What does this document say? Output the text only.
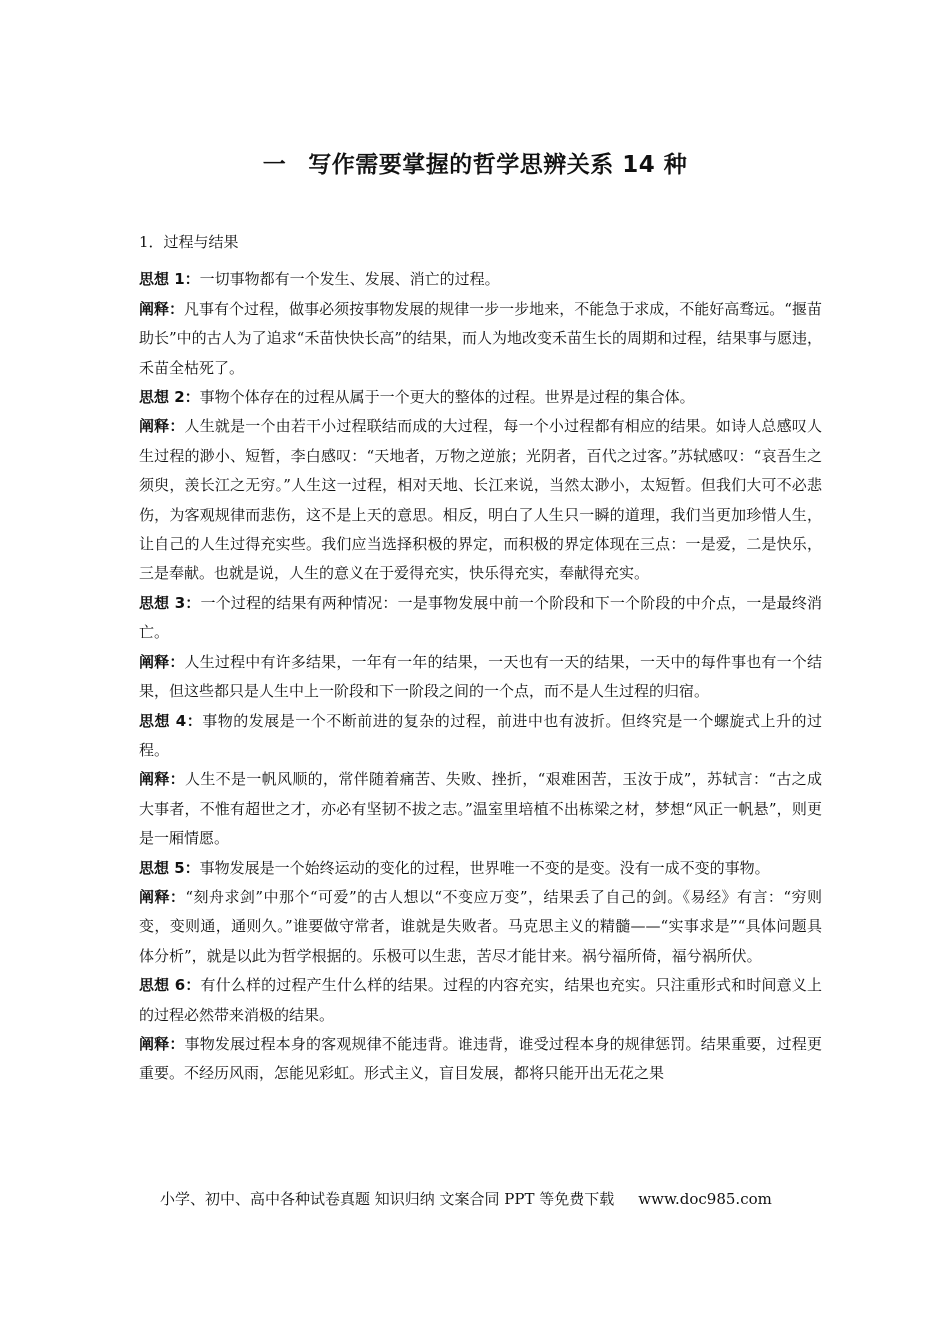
一 写作需要掌握的哲学思辨关系 14 种
1．过程与结果

思想 1：一切事物都有一个发生、发展、消亡的过程。

阐释：凡事有个过程，做事必须按事物发展的规律一步一步地来，不能急于求成，不能好高骛远。“揠苗助长”中的古人为了追求“禾苗快快长高”的结果，而人为地改变禾苗生长的周期和过程，结果事与愿违，禾苗全枯死了。

思想 2：事物个体存在的过程从属于一个更大的整体的过程。世界是过程的集合体。

阐释：人生就是一个由若干小过程联结而成的大过程，每一个小过程都有相应的结果。如诗人总感叹人生过程的渺小、短暂，李白感叹：“天地者，万物之逆旅；光阴者，百代之过客。”苏轼感叹：“哀吾生之须臾，羡长江之无穷。”人生这一过程，相对天地、长江来说，当然太渺小，太短暂。但我们大可不必悲伤，为客观规律而悲伤，这不是上天的意思。相反，明白了人生只一瞬的道理，我们当更加珍惜人生，让自己的人生过得充实些。我们应当选择积极的界定，而积极的界定体现在三点：一是爱，二是快乐，三是奉献。也就是说，人生的意义在于爱得充实，快乐得充实，奉献得充实。

思想 3：一个过程的结果有两种情况：一是事物发展中前一个阶段和下一个阶段的中介点，一是最终消亡。

阐释：人生过程中有许多结果，一年有一年的结果，一天也有一天的结果，一天中的每件事也有一个结果，但这些都只是人生中上一阶段和下一阶段之间的一个点，而不是人生过程的归宿。

思想 4：事物的发展是一个不断前进的复杂的过程，前进中也有波折。但终究是一个螺旋式上升的过程。

阐释：人生不是一帆风顺的，常伴随着痛苦、失败、挫折，“艰难困苦，玉汝于成”，苏轼言：“古之成大事者，不惟有超世之才，亦必有坚韧不拔之志。”温室里培植不出栋梁之材，梦想“风正一帆悬”，则更是一厢情愿。

思想 5：事物发展是一个始终运动的变化的过程，世界唯一不变的是变。没有一成不变的事物。

阐释：“刻舟求剑”中那个“可爱”的古人想以“不变应万变”，结果丢了自己的剑。《易经》有言：“穷则变，变则通，通则久。”谁要做守常者，谁就是失败者。马克思主义的精髓——“实事求是”“具体问题具体分析”，就是以此为哲学根据的。乐极可以生悲，苦尽才能甘来。祸兮福所倚，福兮祸所伏。

思想 6：有什么样的过程产生什么样的结果。过程的内容充实，结果也充实。只注重形式和时间意义上的过程必然带来消极的结果。

阐释：事物发展过程本身的客观规律不能违背。谁违背，谁受过程本身的规律惩罚。结果重要，过程更重要。不经历风雨，怎能见彩虹。形式主义，盲目发展，都将只能开出无花之果

小学、初中、高中各种试卷真题 知识归纳 文案合同 PPT 等免费下载 www.doc985.com
